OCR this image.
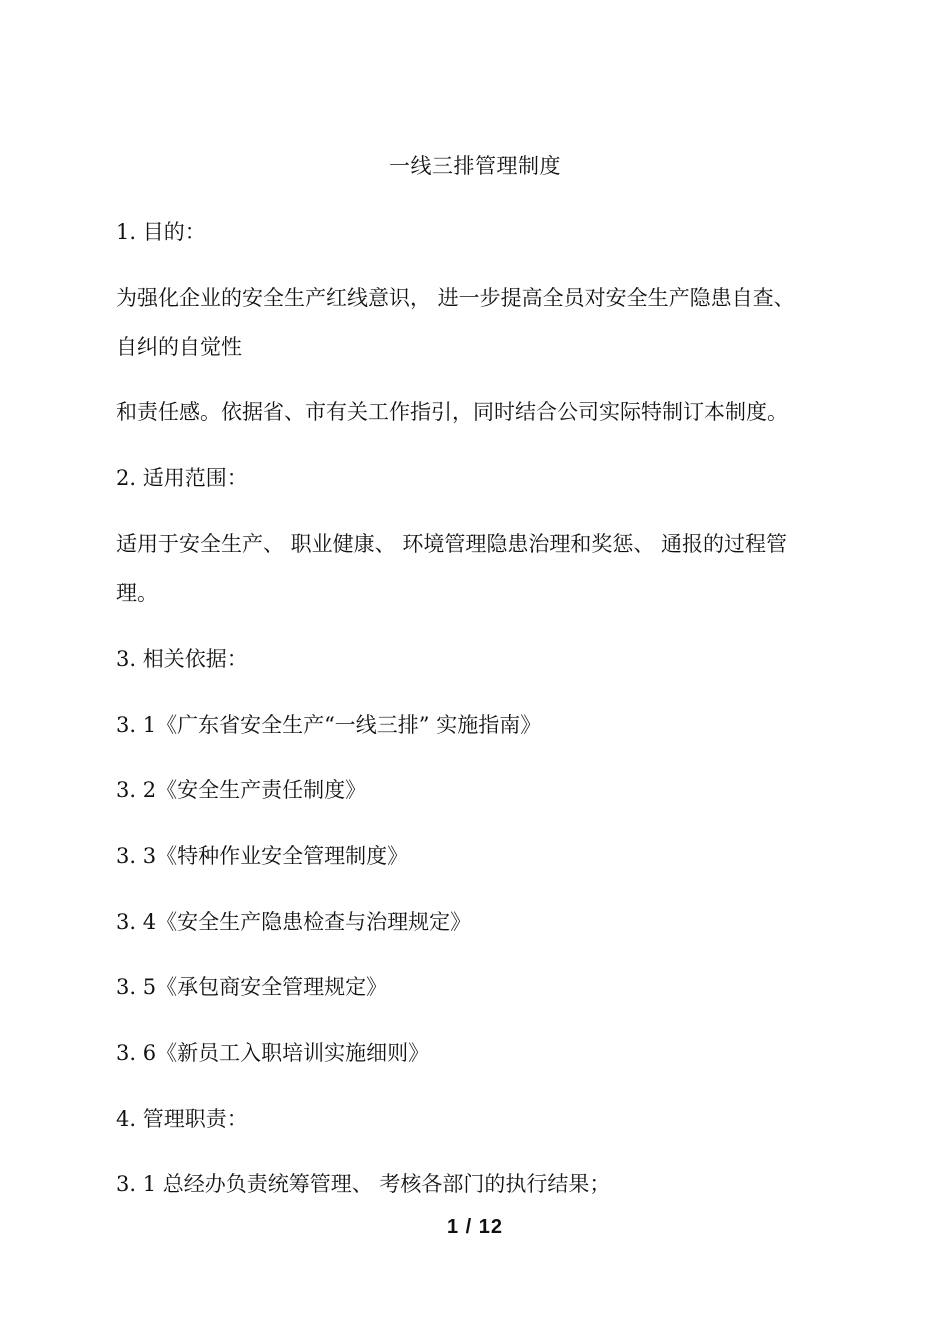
一线三排管理制度
1. 目的：
为强化企业的安全生产红线意识， 进一步提高全员对安全生产隐患自查、
自纠的自觉性
和责任感。依据省、市有关工作指引，同时结合公司实际特制订本制度。
2. 适用范围：
适用于安全生产、 职业健康、 环境管理隐患治理和奖惩、 通报的过程管
理。
3. 相关依据：
3. 1《广东省安全生产“一线三排” 实施指南》
3. 2《安全生产责任制度》
3. 3《特种作业安全管理制度》
3. 4《安全生产隐患检查与治理规定》
3. 5《承包商安全管理规定》
3. 6《新员工入职培训实施细则》
4. 管理职责：
3. 1 总经办负责统筹管理、 考核各部门的执行结果；
1 / 12
